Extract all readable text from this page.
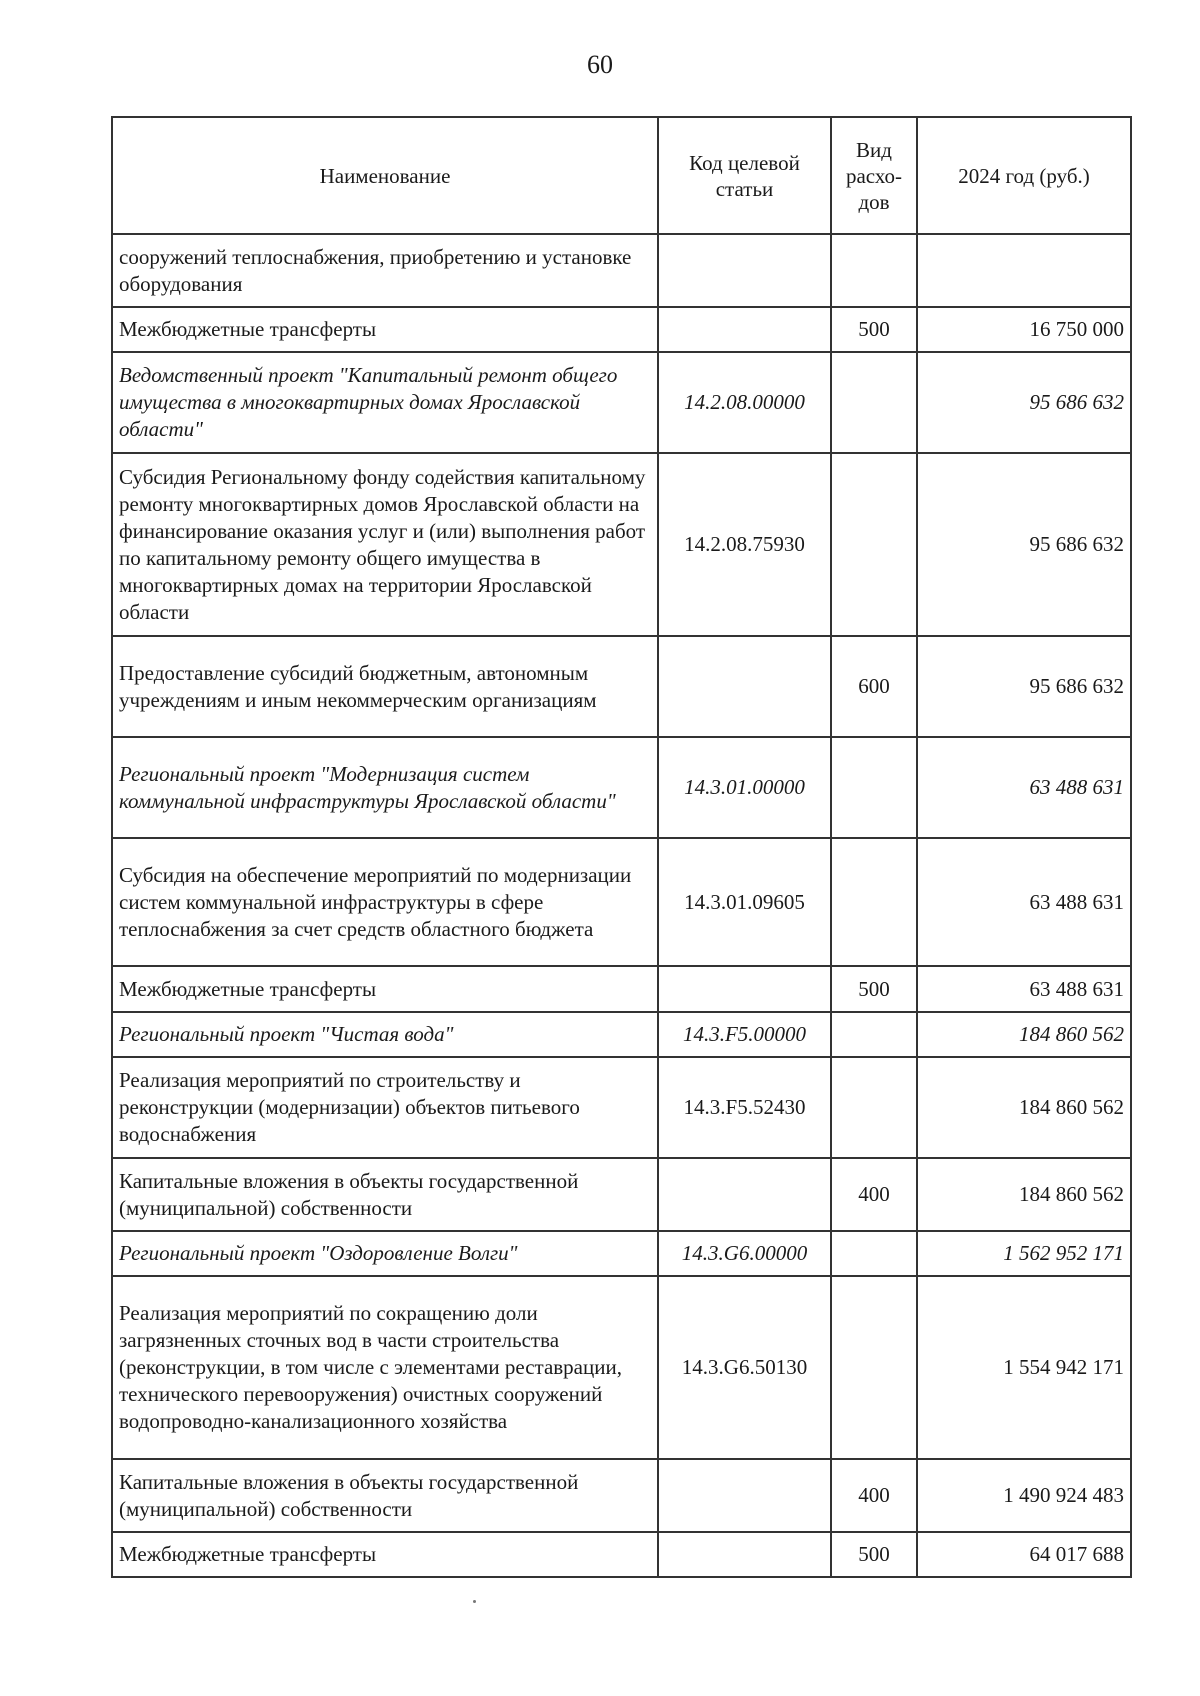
60
Наименование	Код целевой статьи	Вид расхо-дов	2024 год (руб.)
сооружений теплоснабжения, приобретению и установке оборудования			
Межбюджетные трансферты		500	16 750 000
Ведомственный проект "Капитальный ремонт общего имущества в многоквартирных домах Ярославской области"	14.2.08.00000		95 686 632
Субсидия Региональному фонду содействия капитальному ремонту многоквартирных домов Ярославской области на финансирование оказания услуг и (или) выполнения работ по капитальному ремонту общего имущества в многоквартирных домах на территории Ярославской области	14.2.08.75930		95 686 632
Предоставление субсидий бюджетным, автономным учреждениям и иным некоммерческим организациям		600	95 686 632
Региональный проект "Модернизация систем коммунальной инфраструктуры Ярославской области"	14.3.01.00000		63 488 631
Субсидия на обеспечение мероприятий по модернизации систем коммунальной инфраструктуры в сфере теплоснабжения за счет средств областного бюджета	14.3.01.09605		63 488 631
Межбюджетные трансферты		500	63 488 631
Региональный проект "Чистая вода"	14.3.F5.00000		184 860 562
Реализация мероприятий по строительству и реконструкции (модернизации) объектов питьевого водоснабжения	14.3.F5.52430		184 860 562
Капитальные вложения в объекты государственной (муниципальной) собственности		400	184 860 562
Региональный проект "Оздоровление Волги"	14.3.G6.00000		1 562 952 171
Реализация мероприятий по сокращению доли загрязненных сточных вод в части строительства (реконструкции, в том числе с элементами реставрации, технического перевооружения) очистных сооружений водопроводно-канализационного хозяйства	14.3.G6.50130		1 554 942 171
Капитальные вложения в объекты государственной (муниципальной) собственности		400	1 490 924 483
Межбюджетные трансферты		500	64 017 688
